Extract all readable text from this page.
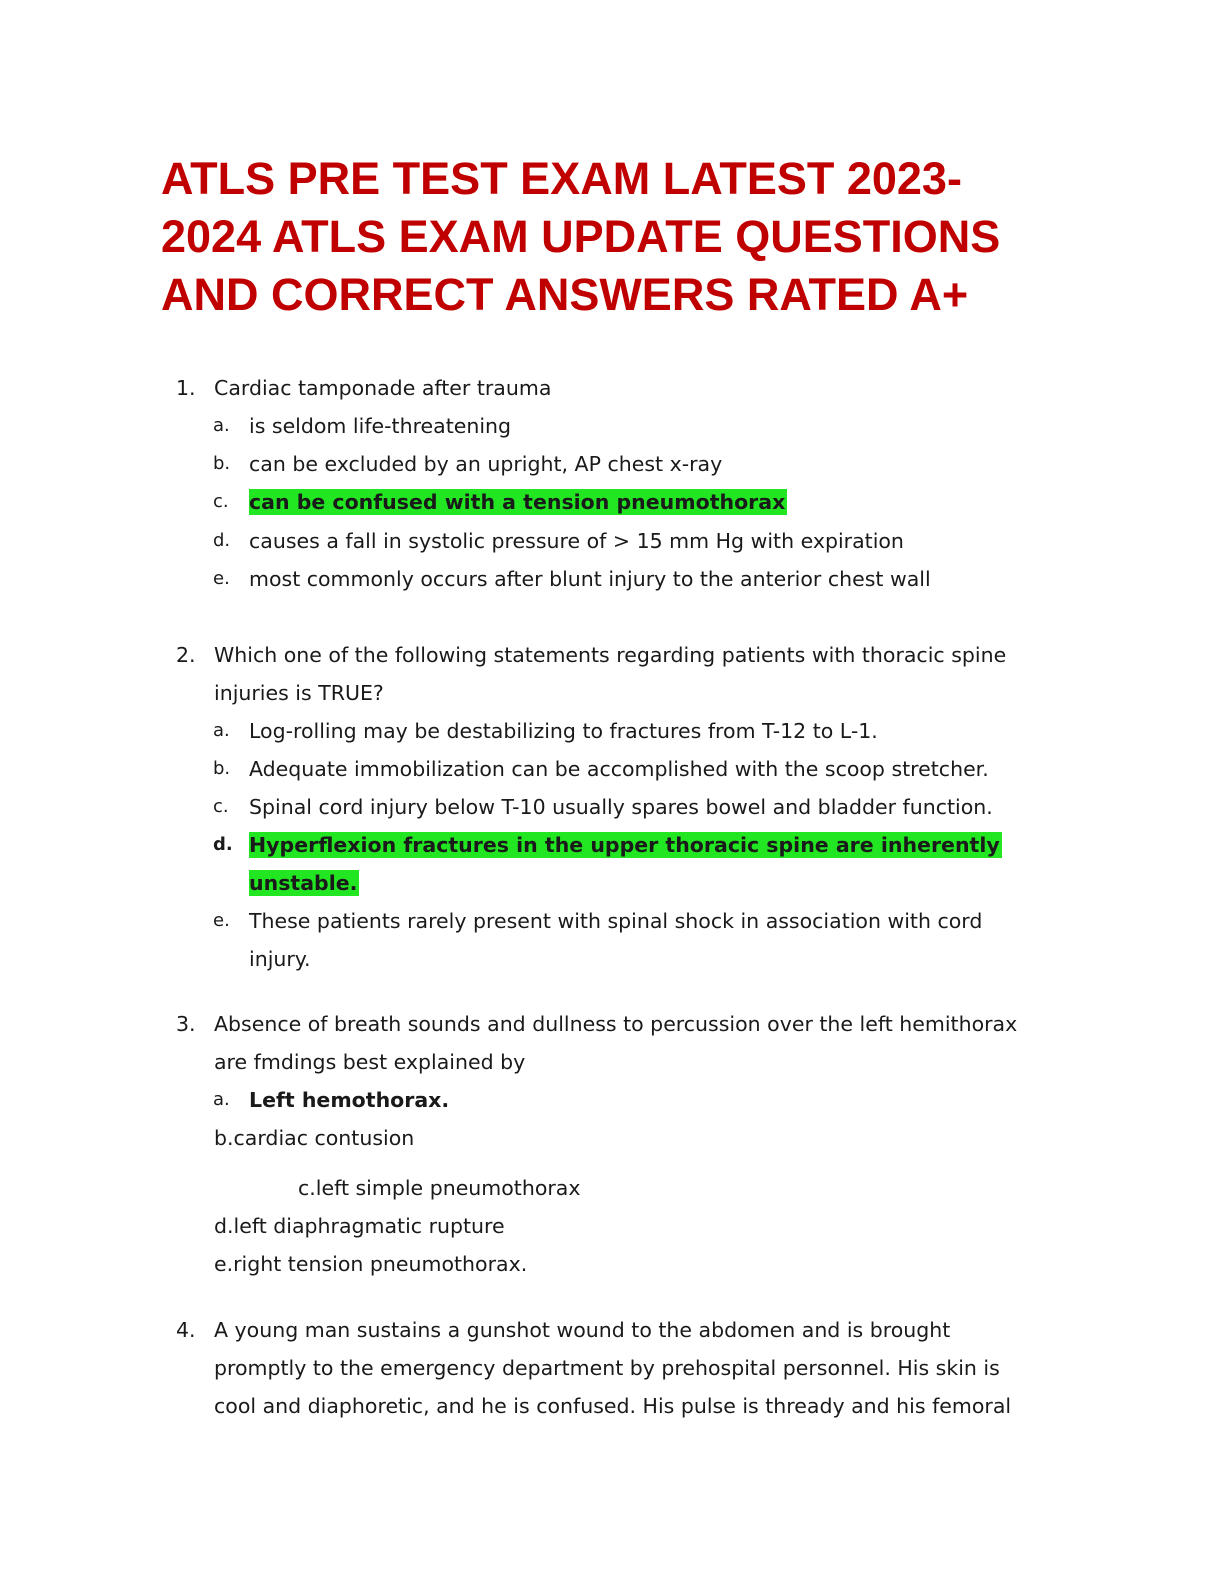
ATLS PRE TEST EXAM LATEST 2023-
2024 ATLS EXAM UPDATE QUESTIONS
AND CORRECT ANSWERS RATED A+
1. Cardiac tamponade after trauma
a. is seldom life-threatening
b. can be excluded by an upright, AP chest x-ray
c. can be confused with a tension pneumothorax
d. causes a fall in systolic pressure of > 15 mm Hg with expiration
e. most commonly occurs after blunt injury to the anterior chest wall
2. Which one of the following statements regarding patients with thoracic spine
injuries is TRUE?
a. Log-rolling may be destabilizing to fractures from T-12 to L-1.
b. Adequate immobilization can be accomplished with the scoop stretcher.
c. Spinal cord injury below T-10 usually spares bowel and bladder function.
d. Hyperflexion fractures in the upper thoracic spine are inherently
unstable.
e. These patients rarely present with spinal shock in association with cord
injury.
3. Absence of breath sounds and dullness to percussion over the left hemithorax
are fmdings best explained by
a. Left hemothorax.
b.cardiac contusion
c.left simple pneumothorax
d.left diaphragmatic rupture
e.right tension pneumothorax.
4. A young man sustains a gunshot wound to the abdomen and is brought
promptly to the emergency department by prehospital personnel. His skin is
cool and diaphoretic, and he is confused. His pulse is thready and his femoral
